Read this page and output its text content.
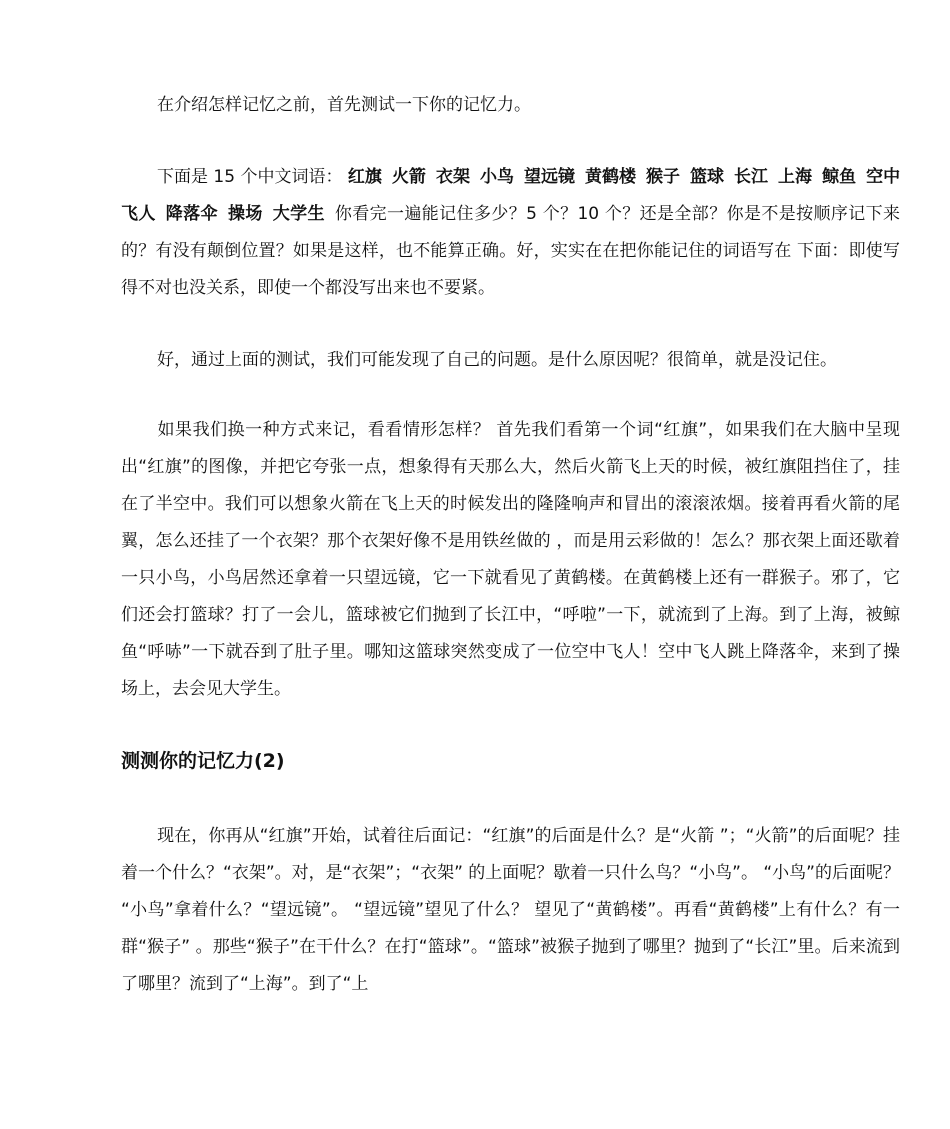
在介绍怎样记忆之前，首先测试一下你的记忆力。

下面是 15 个中文词语： 红旗 火箭 衣架 小鸟 望远镜 黄鹤楼 猴子 篮球 长江 上海 鲸鱼 空中飞人 降落伞 操场 大学生 你看完一遍能记住多少？5 个？10 个？还是全部？你是不是按顺序记下来的？有没有颠倒位置？如果是这样，也不能算正确。好，实实在在把你能记住的词语写在 下面：即使写得不对也没关系，即使一个都没写出来也不要紧。

好，通过上面的测试，我们可能发现了自己的问题。是什么原因呢？很简单，就是没记住。

如果我们换一种方式来记，看看情形怎样？ 首先我们看第一个词“红旗”，如果我们在大脑中呈现出“红旗”的图像，并把它夸张一点，想象得有天那么大，然后火箭飞上天的时候，被红旗阻挡住了，挂在了半空中。我们可以想象火箭在飞上天的时候发出的隆隆响声和冒出的滚滚浓烟。接着再看火箭的尾翼，怎么还挂了一个衣架？那个衣架好像不是用铁丝做的 ，而是用云彩做的！怎么？那衣架上面还歇着一只小鸟，小鸟居然还拿着一只望远镜，它一下就看见了黄鹤楼。在黄鹤楼上还有一群猴子。邪了，它们还会打篮球？打了一会儿，篮球被它们抛到了长江中，“呼啦”一下，就流到了上海。到了上海，被鲸鱼“呼哧”一下就吞到了肚子里。哪知这篮球突然变成了一位空中飞人！空中飞人跳上降落伞，来到了操场上，去会见大学生。

测测你的记忆力(2)

现在，你再从“红旗”开始，试着往后面记：“红旗”的后面是什么？是“火箭 ”；“火箭”的后面呢？挂着一个什么？“衣架”。对，是“衣架”；“衣架” 的上面呢？歇着一只什么鸟？“小鸟”。 “小鸟”的后面呢？ “小鸟”拿着什么？“望远镜”。 “望远镜”望见了什么？ 望见了“黄鹤楼”。再看“黄鹤楼”上有什么？有一群“猴子” 。那些“猴子”在干什么？在打“篮球”。“篮球”被猴子抛到了哪里？抛到了“长江”里。后来流到了哪里？流到了“上海”。到了“上
